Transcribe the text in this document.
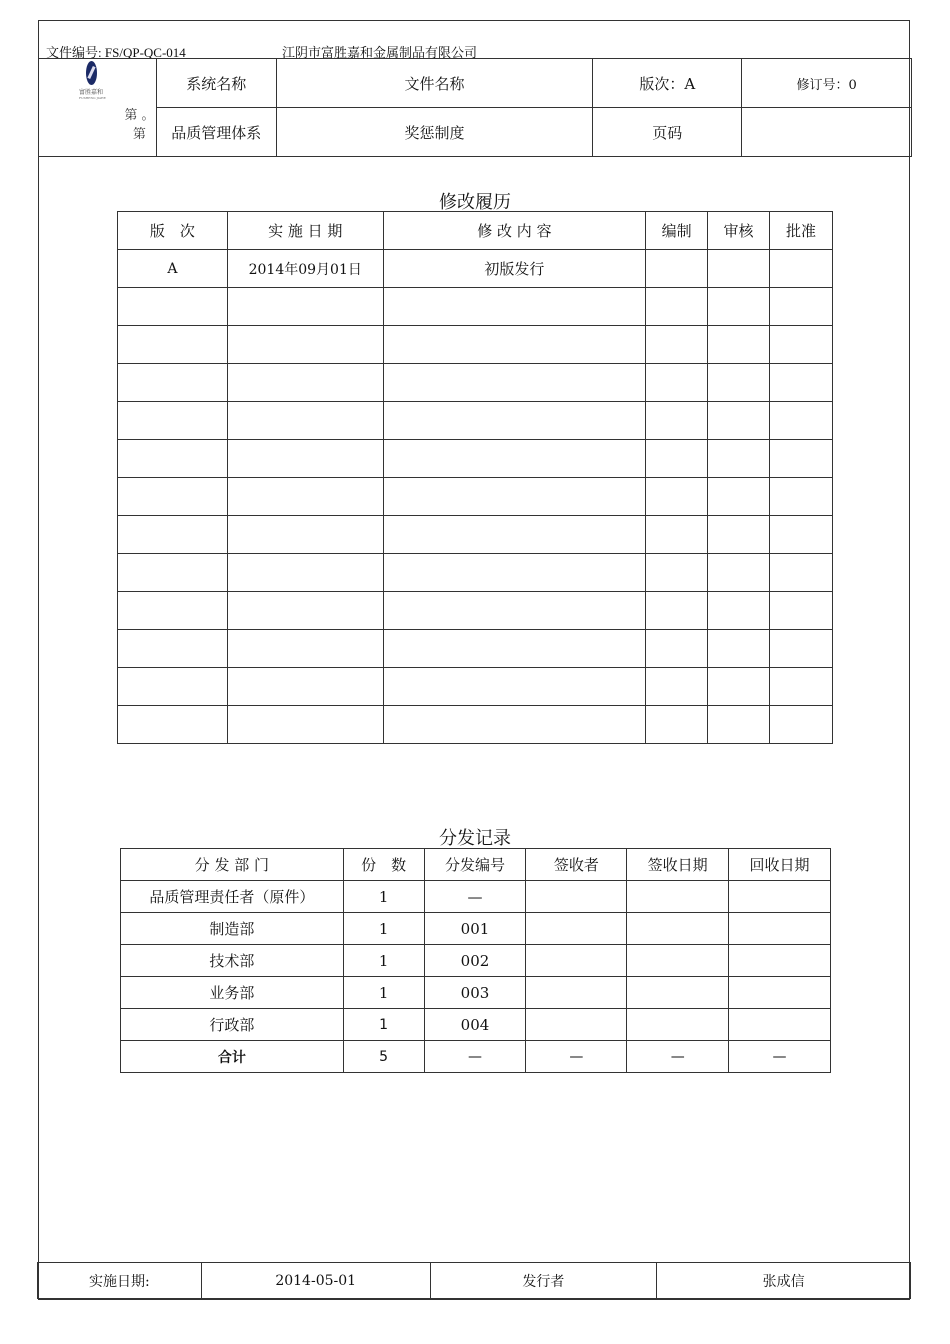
文件编号: FS/QP-QC-014	江阴市富胜嘉和金属制品有限公司
富胜嘉和
FUSHENG JIAHE
第 。 第	系统名称	文件名称	版次：A	修订号：0
	品质管理体系	奖惩制度	页码	
修改履历
版　次	实 施 日 期	修 改 内 容	编制	审核	批准
A	2014年09月01日	初版发行			

分发记录
分 发 部 门	份　数	分发编号	签收者	签收日期	回收日期
品质管理责任者（原件）	1	—			
制造部	1	001			
技术部	1	002			
业务部	1	003			
行政部	1	004			
合计	5	—	—	—	—
实施日期:	2014-05-01	发行者	张成信
